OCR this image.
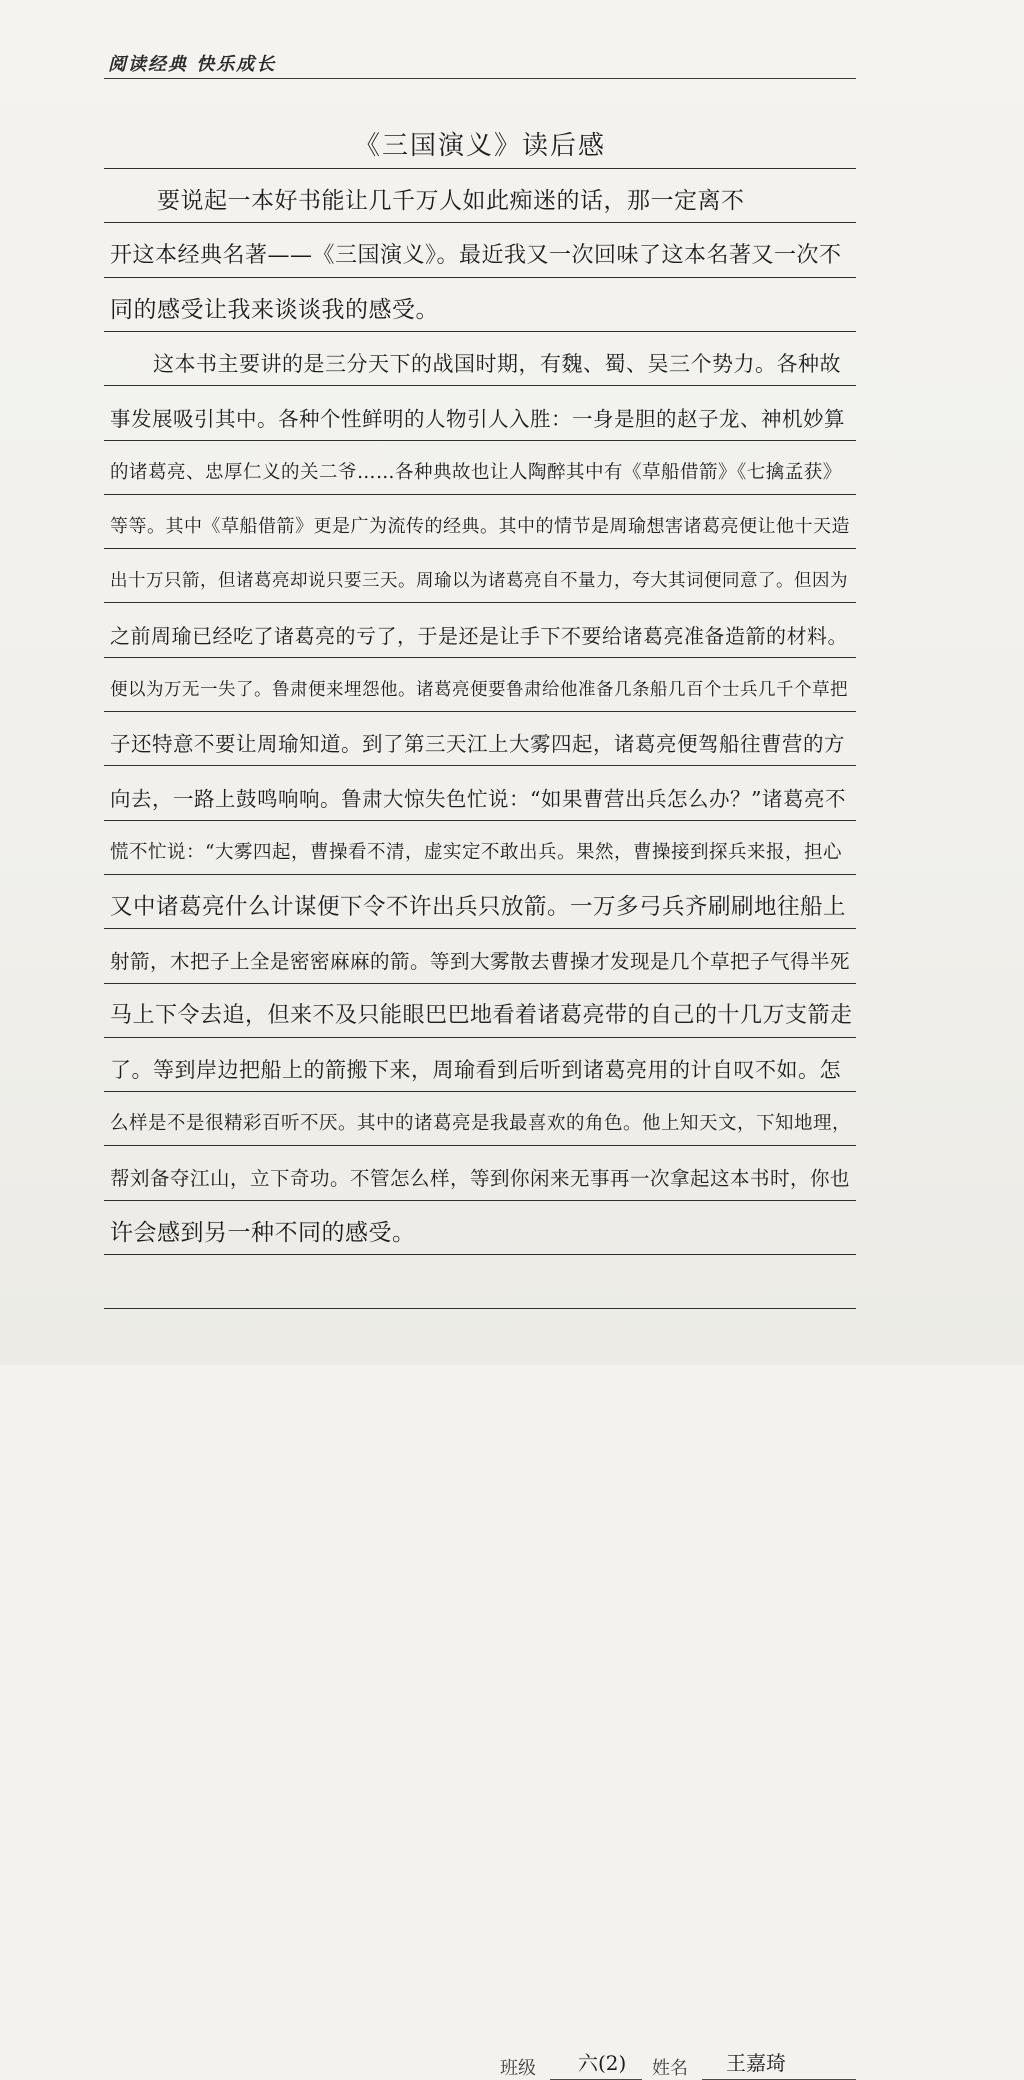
阅读经典 快乐成长
《三国演义》读后感
　　要说起一本好书能让几千万人如此痴迷的话，那一定离不
开这本经典名著——《三国演义》。最近我又一次回味了这本名著又一次不
同的感受让我来谈谈我的感受。
　　这本书主要讲的是三分天下的战国时期，有魏、蜀、吴三个势力。各种故
事发展吸引其中。各种个性鲜明的人物引人入胜：一身是胆的赵子龙、神机妙算
的诸葛亮、忠厚仁义的关二爷……各种典故也让人陶醉其中有《草船借箭》《七擒孟获》
等等。其中《草船借箭》更是广为流传的经典。其中的情节是周瑜想害诸葛亮便让他十天造
出十万只箭，但诸葛亮却说只要三天。周瑜以为诸葛亮自不量力，夸大其词便同意了。但因为
之前周瑜已经吃了诸葛亮的亏了，于是还是让手下不要给诸葛亮准备造箭的材料。
便以为万无一失了。鲁肃便来埋怨他。诸葛亮便要鲁肃给他准备几条船几百个士兵几千个草把
子还特意不要让周瑜知道。到了第三天江上大雾四起，诸葛亮便驾船往曹营的方
向去，一路上鼓鸣响响。鲁肃大惊失色忙说：“如果曹营出兵怎么办？”诸葛亮不
慌不忙说：“大雾四起，曹操看不清，虚实定不敢出兵。果然，曹操接到探兵来报，担心
又中诸葛亮什么计谋便下令不许出兵只放箭。一万多弓兵齐刷刷地往船上
射箭，木把子上全是密密麻麻的箭。等到大雾散去曹操才发现是几个草把子气得半死
马上下令去追，但来不及只能眼巴巴地看着诸葛亮带的自己的十几万支箭走
了。等到岸边把船上的箭搬下来，周瑜看到后听到诸葛亮用的计自叹不如。怎
么样是不是很精彩百听不厌。其中的诸葛亮是我最喜欢的角色。他上知天文，下知地理，
帮刘备夺江山，立下奇功。不管怎么样，等到你闲来无事再一次拿起这本书时，你也
许会感到另一种不同的感受。
班级 六(2) 姓名 王嘉琦
